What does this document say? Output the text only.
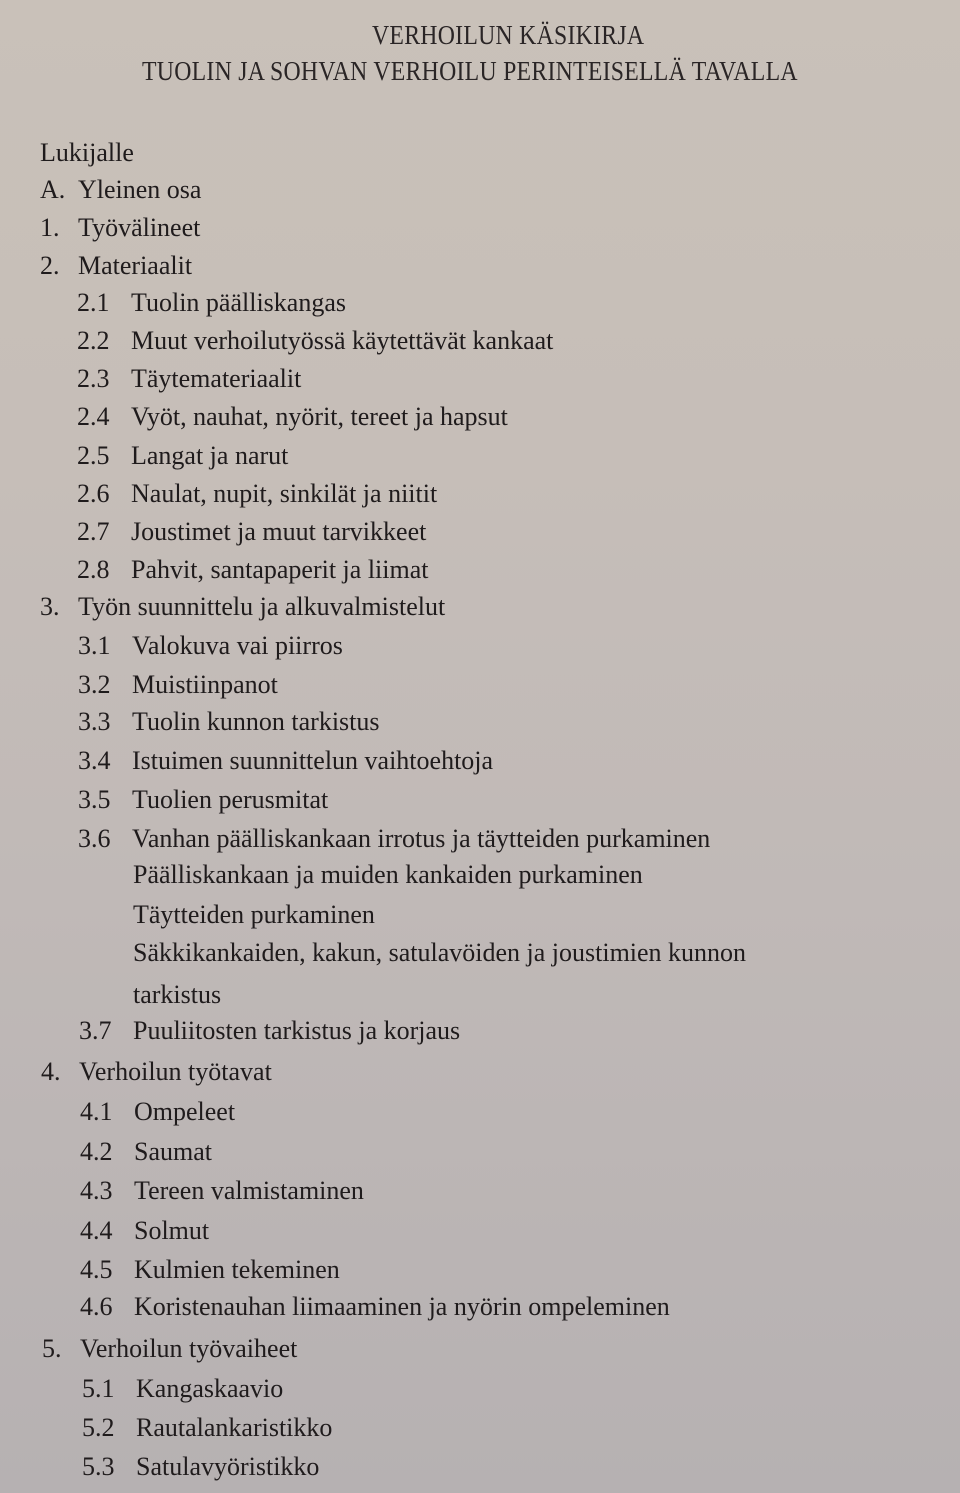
VERHOILUN KÄSIKIRJA
TUOLIN JA SOHVAN VERHOILU PERINTEISELLÄ TAVALLA
Lukijalle
A. Yleinen osa
1. Työvälineet
2. Materiaalit
2.1 Tuolin päälliskangas
2.2 Muut verhoilutyössä käytettävät kankaat
2.3 Täytemateriaalit
2.4 Vyöt, nauhat, nyörit, tereet ja hapsut
2.5 Langat ja narut
2.6 Naulat, nupit, sinkilät ja niitit
2.7 Joustimet ja muut tarvikkeet
2.8 Pahvit, santapaperit ja liimat
3. Työn suunnittelu ja alkuvalmistelut
3.1 Valokuva vai piirros
3.2 Muistiinpanot
3.3 Tuolin kunnon tarkistus
3.4 Istuimen suunnittelun vaihtoehtoja
3.5 Tuolien perusmitat
3.6 Vanhan päälliskankaan irrotus ja täytteiden purkaminen
Päälliskankaan ja muiden kankaiden purkaminen
Täytteiden purkaminen
Säkkikankaiden, kakun, satulavöiden ja joustimien kunnon
tarkistus
3.7 Puuliitosten tarkistus ja korjaus
4. Verhoilun työtavat
4.1 Ompeleet
4.2 Saumat
4.3 Tereen valmistaminen
4.4 Solmut
4.5 Kulmien tekeminen
4.6 Koristenauhan liimaaminen ja nyörin ompeleminen
5. Verhoilun työvaiheet
5.1 Kangaskaavio
5.2 Rautalankaristikko
5.3 Satulavyöristikko
